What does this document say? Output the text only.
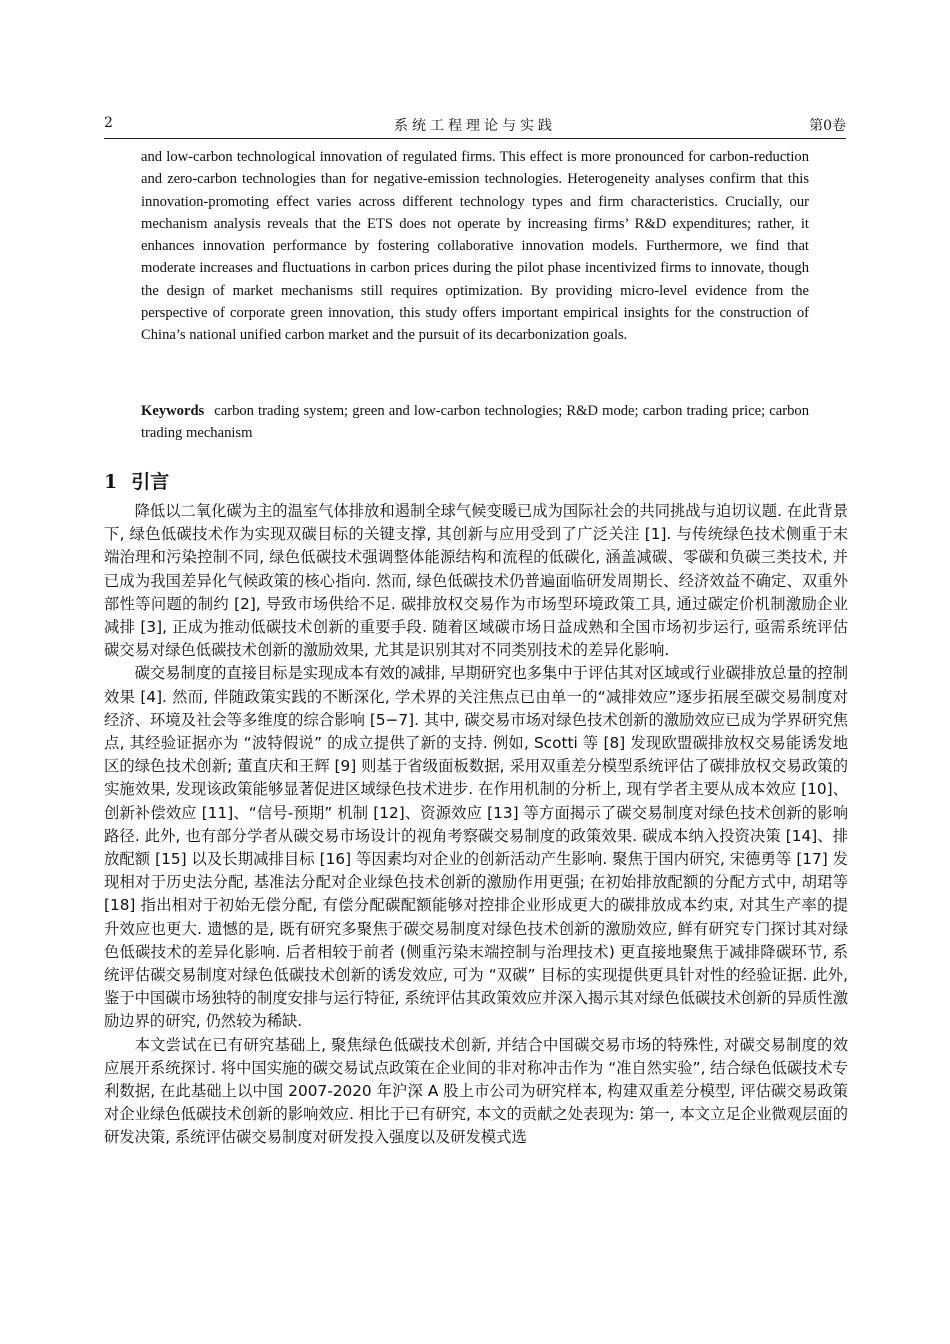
2	系统工程理论与实践	第0卷

and low-carbon technological innovation of regulated firms. This effect is more pronounced for carbon-reduction and zero-carbon technologies than for negative-emission technologies. Heterogeneity analyses confirm that this innovation-promoting effect varies across different technology types and firm characteristics. Crucially, our mechanism analysis reveals that the ETS does not operate by increasing firms’ R&D expenditures; rather, it enhances innovation performance by fostering collaborative innovation models. Furthermore, we find that moderate increases and fluctuations in carbon prices during the pilot phase incentivized firms to innovate, though the design of market mechanisms still requires optimization. By providing micro-level evidence from the perspective of corporate green innovation, this study offers important empirical insights for the construction of China’s national unified carbon market and the pursuit of its decarbonization goals.

Keywords carbon trading system; green and low-carbon technologies; R&D mode; carbon trading price; carbon trading mechanism

1 引言

降低以二氧化碳为主的温室气体排放和遏制全球气候变暖已成为国际社会的共同挑战与迫切议题. 在此背景下, 绿色低碳技术作为实现双碳目标的关键支撑, 其创新与应用受到了广泛关注 [1]. 与传统绿色技术侧重于末端治理和污染控制不同, 绿色低碳技术强调整体能源结构和流程的低碳化, 涵盖减碳、零碳和负碳三类技术, 并已成为我国差异化气候政策的核心指向. 然而, 绿色低碳技术仍普遍面临研发周期长、经济效益不确定、双重外部性等问题的制约 [2], 导致市场供给不足. 碳排放权交易作为市场型环境政策工具, 通过碳定价机制激励企业减排 [3], 正成为推动低碳技术创新的重要手段. 随着区域碳市场日益成熟和全国市场初步运行, 亟需系统评估碳交易对绿色低碳技术创新的激励效果, 尤其是识别其对不同类别技术的差异化影响.

碳交易制度的直接目标是实现成本有效的减排, 早期研究也多集中于评估其对区域或行业碳排放总量的控制效果 [4]. 然而, 伴随政策实践的不断深化, 学术界的关注焦点已由单一的“减排效应”逐步拓展至碳交易制度对经济、环境及社会等多维度的综合影响 [5−7]. 其中, 碳交易市场对绿色技术创新的激励效应已成为学界研究焦点, 其经验证据亦为 “波特假说” 的成立提供了新的支持. 例如, Scotti 等 [8] 发现欧盟碳排放权交易能诱发地区的绿色技术创新; 董直庆和王辉 [9] 则基于省级面板数据, 采用双重差分模型系统评估了碳排放权交易政策的实施效果, 发现该政策能够显著促进区域绿色技术进步. 在作用机制的分析上, 现有学者主要从成本效应 [10]、创新补偿效应 [11]、“信号-预期” 机制 [12]、资源效应 [13] 等方面揭示了碳交易制度对绿色技术创新的影响路径. 此外, 也有部分学者从碳交易市场设计的视角考察碳交易制度的政策效果. 碳成本纳入投资决策 [14]、排放配额 [15] 以及长期减排目标 [16] 等因素均对企业的创新活动产生影响. 聚焦于国内研究, 宋德勇等 [17] 发现相对于历史法分配, 基准法分配对企业绿色技术创新的激励作用更强; 在初始排放配额的分配方式中, 胡珺等 [18] 指出相对于初始无偿分配, 有偿分配碳配额能够对控排企业形成更大的碳排放成本约束, 对其生产率的提升效应也更大. 遗憾的是, 既有研究多聚焦于碳交易制度对绿色技术创新的激励效应, 鲜有研究专门探讨其对绿色低碳技术的差异化影响. 后者相较于前者 (侧重污染末端控制与治理技术) 更直接地聚焦于减排降碳环节, 系统评估碳交易制度对绿色低碳技术创新的诱发效应, 可为 “双碳” 目标的实现提供更具针对性的经验证据. 此外, 鉴于中国碳市场独特的制度安排与运行特征, 系统评估其政策效应并深入揭示其对绿色低碳技术创新的异质性激励边界的研究, 仍然较为稀缺.

本文尝试在已有研究基础上, 聚焦绿色低碳技术创新, 并结合中国碳交易市场的特殊性, 对碳交易制度的效应展开系统探讨. 将中国实施的碳交易试点政策在企业间的非对称冲击作为 “准自然实验”, 结合绿色低碳技术专利数据, 在此基础上以中国 2007-2020 年沪深 A 股上市公司为研究样本, 构建双重差分模型, 评估碳交易政策对企业绿色低碳技术创新的影响效应. 相比于已有研究, 本文的贡献之处表现为: 第一, 本文立足企业微观层面的研发决策, 系统评估碳交易制度对研发投入强度以及研发模式选
